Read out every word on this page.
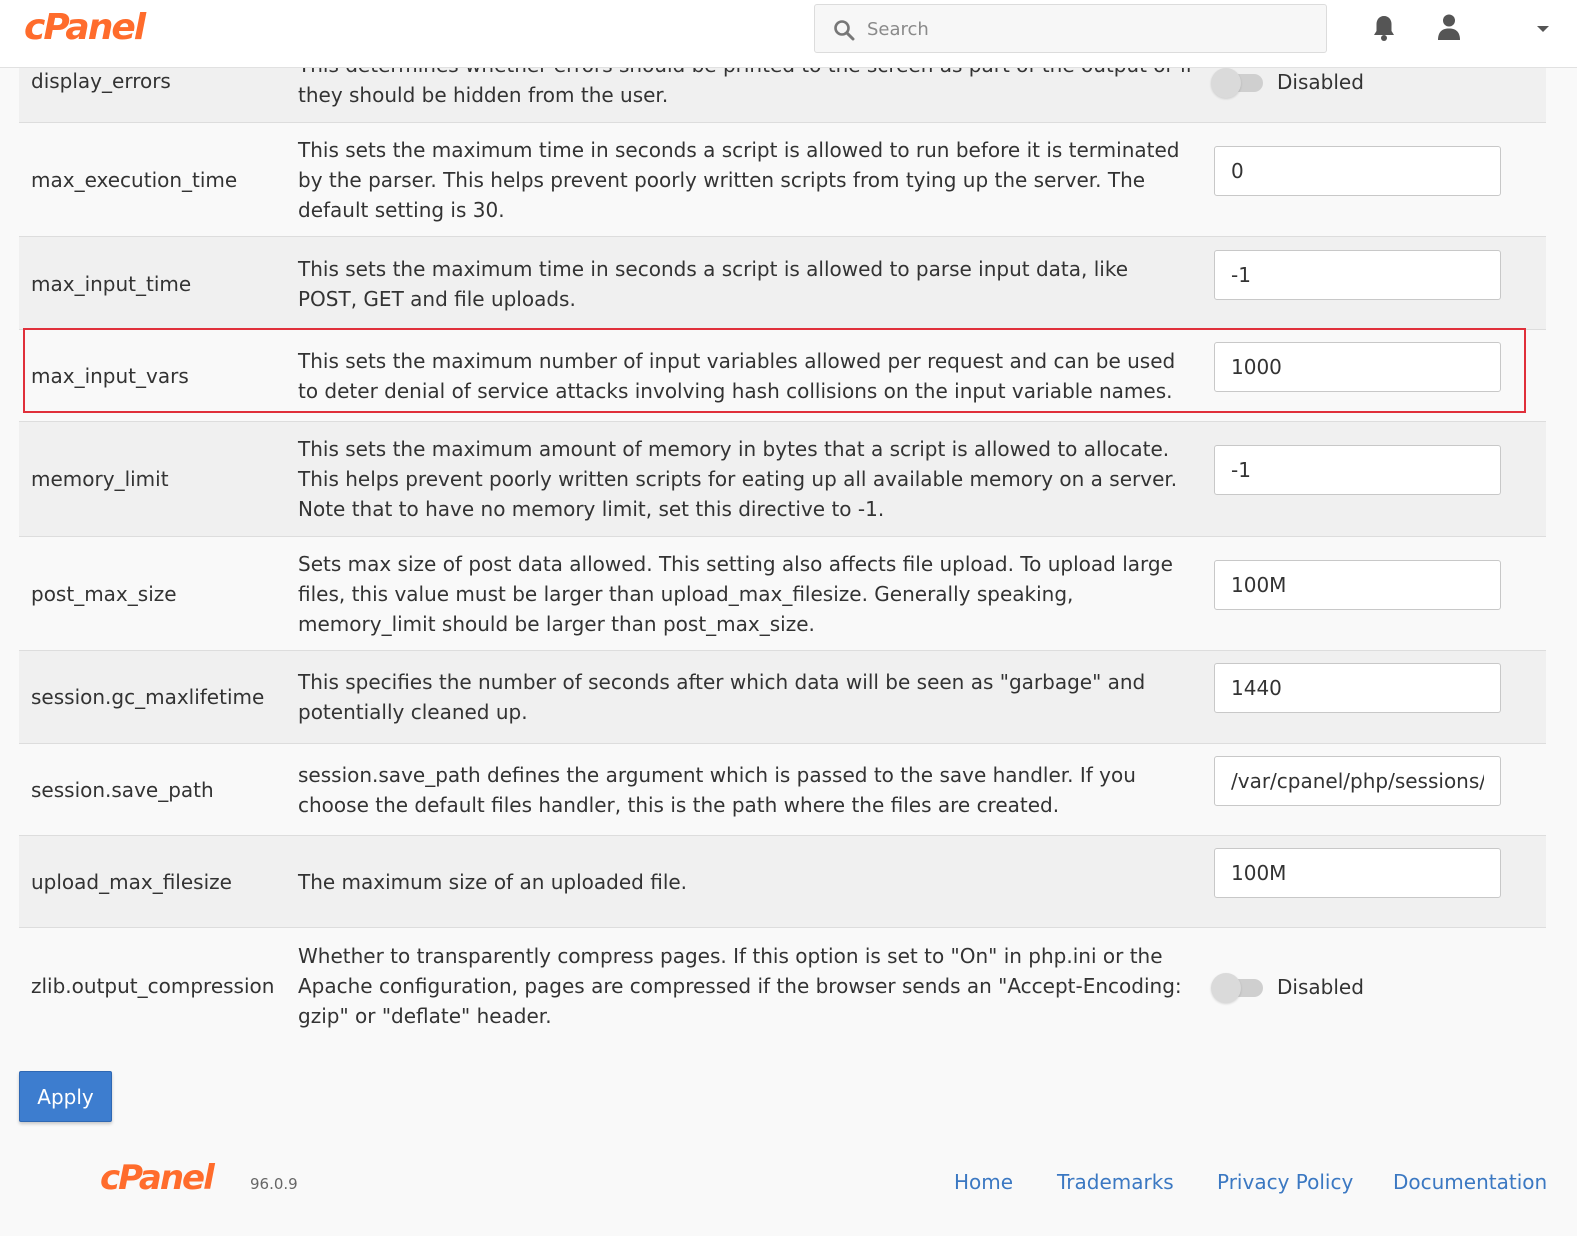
display_errors
they should be hidden from the user.
Disabled
max_execution_time
This sets the maximum time in seconds a script is allowed to run before it is terminated by the parser. This helps prevent poorly written scripts from tying up the server. The default setting is 30.
0
max_input_time
This sets the maximum time in seconds a script is allowed to parse input data, like POST, GET and file uploads.
-1
max_input_vars
This sets the maximum number of input variables allowed per request and can be used to deter denial of service attacks involving hash collisions on the input variable names.
1000
memory_limit
This sets the maximum amount of memory in bytes that a script is allowed to allocate. This helps prevent poorly written scripts for eating up all available memory on a server. Note that to have no memory limit, set this directive to -1.
-1
post_max_size
Sets max size of post data allowed. This setting also affects file upload. To upload large files, this value must be larger than upload_max_filesize. Generally speaking, memory_limit should be larger than post_max_size.
100M
session.gc_maxlifetime
This specifies the number of seconds after which data will be seen as "garbage" and potentially cleaned up.
1440
session.save_path
session.save_path defines the argument which is passed to the save handler. If you choose the default files handler, this is the path where the files are created.
/var/cpanel/php/sessions/ea-php74
upload_max_filesize	The maximum size of an uploaded file.
100M
zlib.output_compression
Whether to transparently compress pages. If this option is set to "On" in php.ini or the Apache configuration, pages are compressed if the browser sends an "Accept-Encoding: gzip" or "deflate" header.
Disabled
Apply
cPanel 96.0.9	Home Trademarks Privacy Policy Documentation
cPanel
Search
